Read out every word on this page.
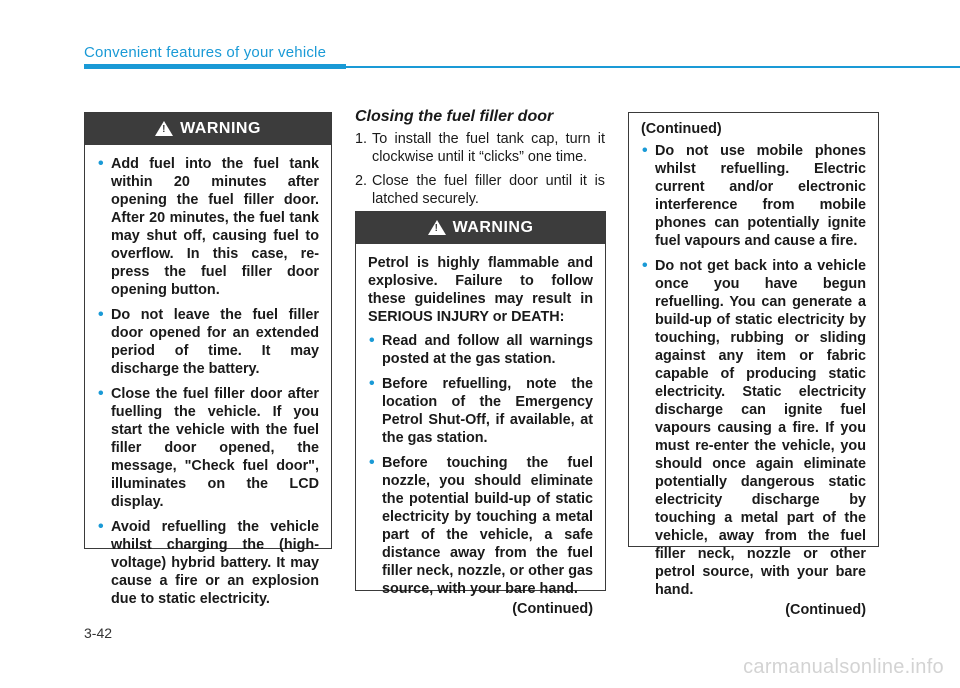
Convenient features of your vehicle
!
WARNING
• Add fuel into the fuel tank within 20 minutes after opening the fuel filler door. After 20 minutes, the fuel tank may shut off, causing fuel to overflow. In this case, re-press the fuel filler door opening button.
• Do not leave the fuel filler door opened for an extended period of time. It may discharge the battery.
• Close the fuel filler door after fuelling the vehicle. If you start the vehicle with the fuel filler door opened, the message, "Check fuel door", illuminates on the LCD display.
• Avoid refuelling the vehicle whilst charging the (high-voltage) hybrid battery. It may cause a fire or an explosion due to static electricity.
Closing the fuel filler door
1. To install the fuel tank cap, turn it clockwise until it “clicks” one time.
2. Close the fuel filler door until it is latched securely.
!
WARNING
Petrol is highly flammable and explosive. Failure to follow these guidelines may result in SERIOUS INJURY or DEATH:
• Read and follow all warnings posted at the gas station.
• Before refuelling, note the location of the Emergency Petrol Shut-Off, if available, at the gas station.
• Before touching the fuel nozzle, you should eliminate the potential build-up of static electricity by touching a metal part of the vehicle, a safe distance away from the fuel filler neck, nozzle, or other gas source, with your bare hand.
(Continued)
(Continued)
• Do not use mobile phones whilst refuelling. Electric current and/or electronic interference from mobile phones can potentially ignite fuel vapours and cause a fire.
• Do not get back into a vehicle once you have begun refuelling. You can generate a build-up of static electricity by touching, rubbing or sliding against any item or fabric capable of producing static electricity. Static electricity discharge can ignite fuel vapours causing a fire. If you must re-enter the vehicle, you should once again eliminate potentially dangerous static electricity discharge by touching a metal part of the vehicle, away from the fuel filler neck, nozzle or other petrol source, with your bare hand.
(Continued)
3-42
carmanualsonline.info
